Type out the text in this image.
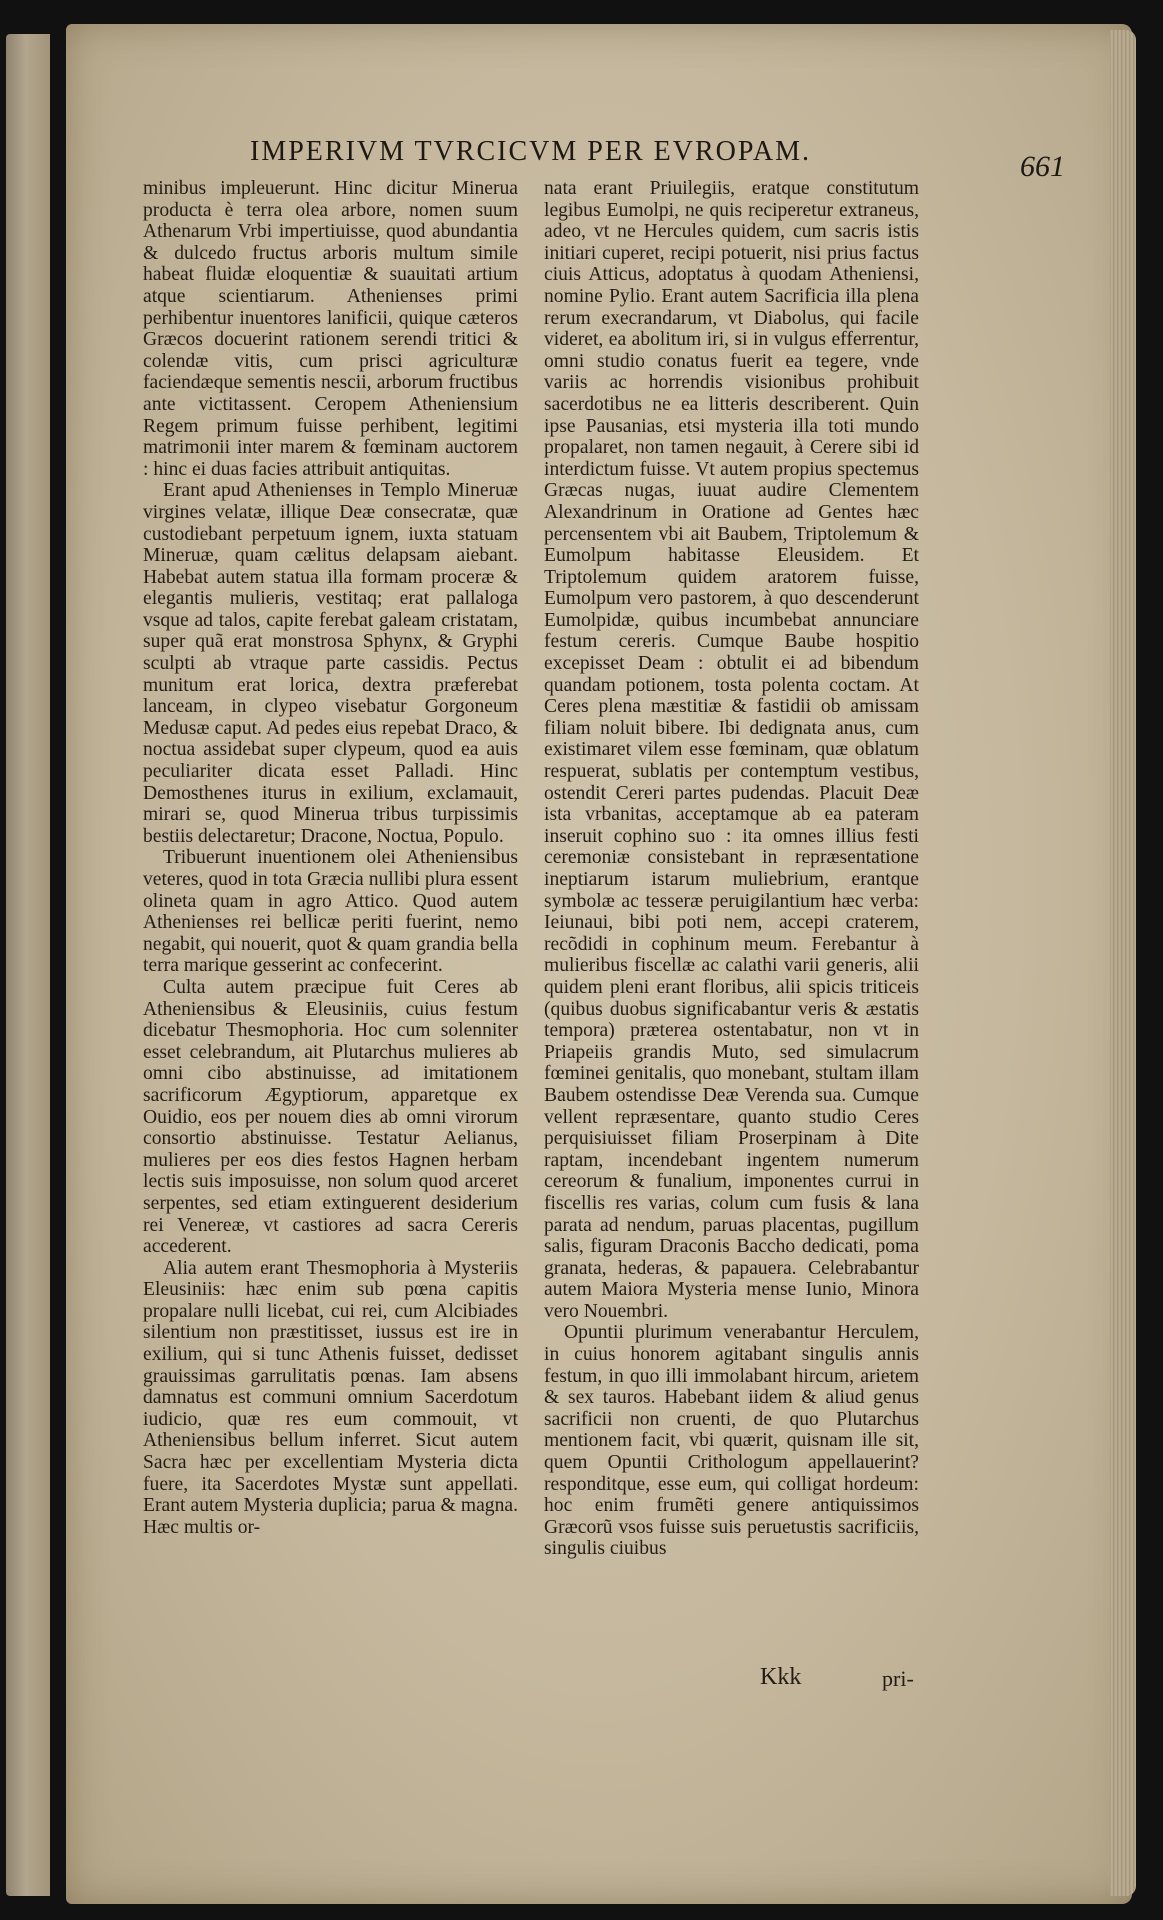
IMPERIVM TVRCICVM PER EVROPAM.	661

minibus impleuerunt. Hinc dicitur Minerua producta è terra olea arbore, nomen suum Athenarum Vrbi impertiuisse, quod abundantia & dulcedo fructus arboris multum simile habeat fluidæ eloquentiæ & suauitati artium atque scientiarum. Athenienses primi perhibentur inuentores lanificii, quique cæteros Græcos docuerint rationem serendi tritici & colendæ vitis, cum prisci agriculturæ faciendæque sementis nescii, arborum fructibus ante victitassent. Ceropem Atheniensium Regem primum fuisse perhibent, legitimi matrimonii inter marem & fœminam auctorem : hinc ei duas facies attribuit antiquitas.

Erant apud Athenienses in Templo Mineruæ virgines velatæ, illique Deæ consecratæ, quæ custodiebant perpetuum ignem, iuxta statuam Mineruæ, quam cælitus delapsam aiebant. Habebat autem statua illa formam proceræ & elegantis mulieris, vestitaq; erat pallaloga vsque ad talos, capite ferebat galeam cristatam, super quã erat monstrosa Sphynx, & Gryphi sculpti ab vtraque parte cassidis. Pectus munitum erat lorica, dextra præferebat lanceam, in clypeo visebatur Gorgoneum Medusæ caput. Ad pedes eius repebat Draco, & noctua assidebat super clypeum, quod ea auis peculiariter dicata esset Palladi. Hinc Demosthenes iturus in exilium, exclamauit, mirari se, quod Minerua tribus turpissimis bestiis delectaretur; Dracone, Noctua, Populo.

Tribuerunt inuentionem olei Atheniensibus veteres, quod in tota Græcia nullibi plura essent olineta quam in agro Attico. Quod autem Athenienses rei bellicæ periti fuerint, nemo negabit, qui nouerit, quot & quam grandia bella terra marique gesserint ac confecerint.

Culta autem præcipue fuit Ceres ab Atheniensibus & Eleusiniis, cuius festum dicebatur Thesmophoria. Hoc cum solenniter esset celebrandum, ait Plutarchus mulieres ab omni cibo abstinuisse, ad imitationem sacrificorum Ægyptiorum, apparetque ex Ouidio, eos per nouem dies ab omni virorum consortio abstinuisse. Testatur Aelianus, mulieres per eos dies festos Hagnen herbam lectis suis imposuisse, non solum quod arceret serpentes, sed etiam extinguerent desiderium rei Venereæ, vt castiores ad sacra Cereris accederent.

Alia autem erant Thesmophoria à Mysteriis Eleusiniis: hæc enim sub pœna capitis propalare nulli licebat, cui rei, cum Alcibiades silentium non præstitisset, iussus est ire in exilium, qui si tunc Athenis fuisset, dedisset grauissimas garrulitatis pœnas. Iam absens damnatus est communi omnium Sacerdotum iudicio, quæ res eum commouit, vt Atheniensibus bellum inferret. Sicut autem Sacra hæc per excellentiam Mysteria dicta fuere, ita Sacerdotes Mystæ sunt appellati. Erant autem Mysteria duplicia; parua & magna. Hæc multis or-

nata erant Priuilegiis, eratque constitutum legibus Eumolpi, ne quis reciperetur extraneus, adeo, vt ne Hercules quidem, cum sacris istis initiari cuperet, recipi potuerit, nisi prius factus ciuis Atticus, adoptatus à quodam Atheniensi, nomine Pylio. Erant autem Sacrificia illa plena rerum execrandarum, vt Diabolus, qui facile videret, ea abolitum iri, si in vulgus efferrentur, omni studio conatus fuerit ea tegere, vnde variis ac horrendis visionibus prohibuit sacerdotibus ne ea litteris describerent. Quin ipse Pausanias, etsi mysteria illa toti mundo propalaret, non tamen negauit, à Cerere sibi id interdictum fuisse. Vt autem propius spectemus Græcas nugas, iuuat audire Clementem Alexandrinum in Oratione ad Gentes hæc percensentem vbi ait Baubem, Triptolemum & Eumolpum habitasse Eleusidem. Et Triptolemum quidem aratorem fuisse, Eumolpum vero pastorem, à quo descenderunt Eumolpidæ, quibus incumbebat annunciare festum cereris. Cumque Baube hospitio excepisset Deam : obtulit ei ad bibendum quandam potionem, tosta polenta coctam. At Ceres plena mæstitiæ & fastidii ob amissam filiam noluit bibere. Ibi dedignata anus, cum existimaret vilem esse fœminam, quæ oblatum respuerat, sublatis per contemptum vestibus, ostendit Cereri partes pudendas. Placuit Deæ ista vrbanitas, acceptamque ab ea pateram inseruit cophino suo : ita omnes illius festi ceremoniæ consistebant in repræsentatione ineptiarum istarum muliebrium, erantque symbolæ ac tesseræ peruigilantium hæc verba: Ieiunaui, bibi poti nem, accepi craterem, recõdidi in cophinum meum. Ferebantur à mulieribus fiscellæ ac calathi varii generis, alii quidem pleni erant floribus, alii spicis triticeis (quibus duobus significabantur veris & æstatis tempora) præterea ostentabatur, non vt in Priapeiis grandis Muto, sed simulacrum fœminei genitalis, quo monebant, stultam illam Baubem ostendisse Deæ Verenda sua. Cumque vellent repræsentare, quanto studio Ceres perquisiuisset filiam Proserpinam à Dite raptam, incendebant ingentem numerum cereorum & funalium, imponentes currui in fiscellis res varias, colum cum fusis & lana parata ad nendum, paruas placentas, pugillum salis, figuram Draconis Baccho dedicati, poma granata, hederas, & papauera. Celebrabantur autem Maiora Mysteria mense Iunio, Minora vero Nouembri.

Opuntii plurimum venerabantur Herculem, in cuius honorem agitabant singulis annis festum, in quo illi immolabant hircum, arietem & sex tauros. Habebant iidem & aliud genus sacrificii non cruenti, de quo Plutarchus mentionem facit, vbi quærit, quisnam ille sit, quem Opuntii Crithologum appellauerint? responditque, esse eum, qui colligat hordeum: hoc enim frumẽti genere antiquissimos Græcorũ vsos fuisse suis peruetustis sacrificiis, singulis ciuibus

Kkk	pri-
